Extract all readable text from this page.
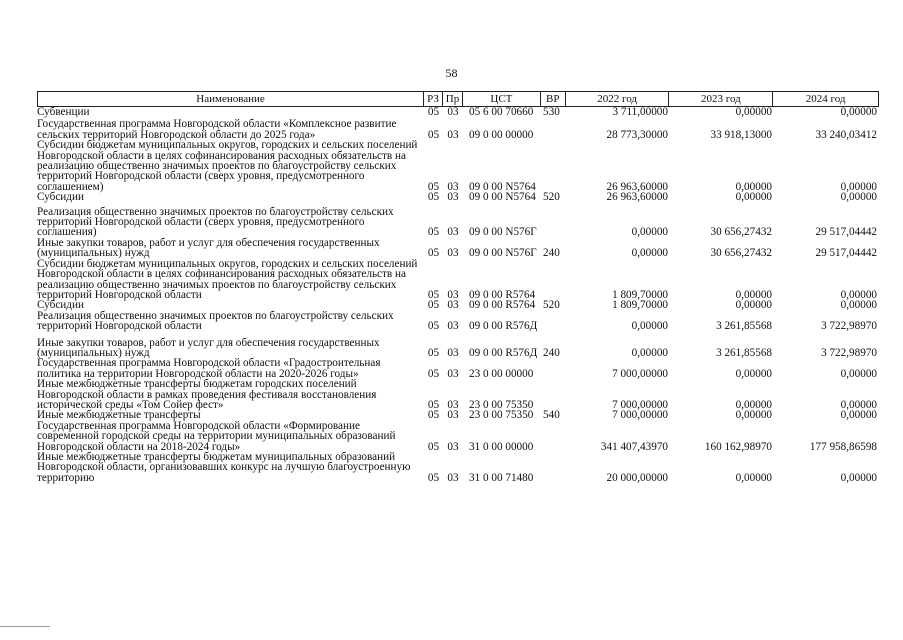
58
Наименование	РЗ Пр	ЦСТ	ВР	2022 год	2023 год	2024 год
Субвенции	05 03 05 6 00 70660 530	3 711,00000	0,00000	0,00000
Государственная программа Новгородской области «Комплексное развитие сельских территорий Новгородской области до 2025 года»	05 03 09 0 00 00000	28 773,30000	33 918,13000	33 240,03412
Субсидии бюджетам муниципальных округов, городских и сельских поселений Новгородской области в целях софинансирования расходных обязательств на реализацию общественно значимых проектов по благоустройству сельских территорий Новгородской области (сверх уровня, предусмотренного соглашением)	05 03 09 0 00 N5764	26 963,60000	0,00000	0,00000
Субсидии	05 03 09 0 00 N5764 520	26 963,60000	0,00000	0,00000
Реализация общественно значимых проектов по благоустройству сельских территорий Новгородской области (сверх уровня, предусмотренного соглашения)	05 03 09 0 00 N576Г	0,00000	30 656,27432	29 517,04442
Иные закупки товаров, работ и услуг для обеспечения государственных (муниципальных) нужд	05 03 09 0 00 N576Г 240	0,00000	30 656,27432	29 517,04442
Субсидии бюджетам муниципальных округов, городских и сельских поселений Новгородской области в целях софинансирования расходных обязательств на реализацию общественно значимых проектов по благоустройству сельских территорий Новгородской области	05 03 09 0 00 R5764	1 809,70000	0,00000	0,00000
Субсидии	05 03 09 0 00 R5764 520	1 809,70000	0,00000	0,00000
Реализация общественно значимых проектов по благоустройству сельских территорий Новгородской области	05 03 09 0 00 R576Д	0,00000	3 261,85568	3 722,98970
Иные закупки товаров, работ и услуг для обеспечения государственных (муниципальных) нужд	05 03 09 0 00 R576Д 240	0,00000	3 261,85568	3 722,98970
Государственная программа Новгородской области «Градостроительная политика на территории Новгородской области на 2020-2026 годы»	05 03 23 0 00 00000	7 000,00000	0,00000	0,00000
Иные межбюджетные трансферты бюджетам городских поселений Новгородской области в рамках проведения фестиваля восстановления исторической среды «Том Сойер фест»	05 03 23 0 00 75350	7 000,00000	0,00000	0,00000
Иные межбюджетные трансферты	05 03 23 0 00 75350 540	7 000,00000	0,00000	0,00000
Государственная программа Новгородской области «Формирование современной городской среды на территории муниципальных образований Новгородской области на 2018-2024 годы»	05 03 31 0 00 00000	341 407,43970	160 162,98970	177 958,86598
Иные межбюджетные трансферты бюджетам муниципальных образований Новгородской области, организовавших конкурс на лучшую благоустроенную территорию	05 03 31 0 00 71480	20 000,00000	0,00000	0,00000
